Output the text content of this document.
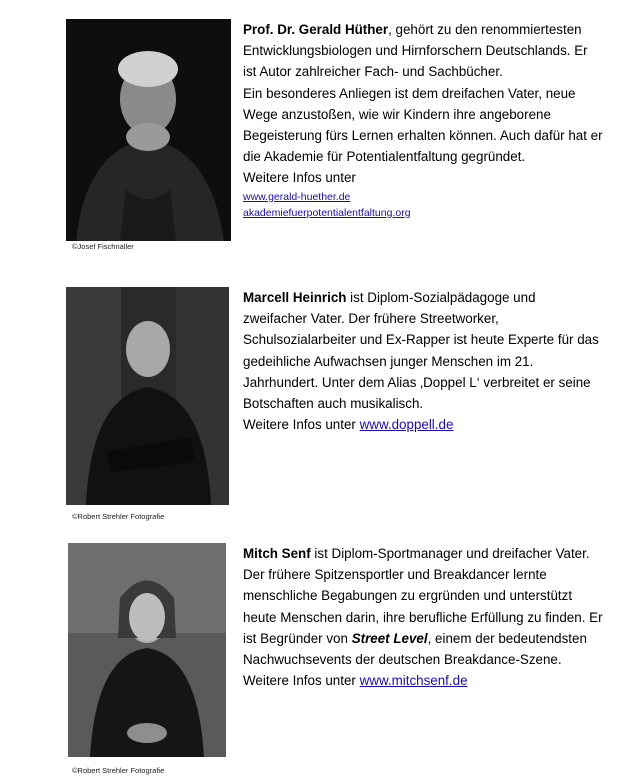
©Josef Fischnaller

Prof. Dr. Gerald Hüther, gehört zu den renommiertesten Entwicklungsbiologen und Hirnforschern Deutschlands. Er ist Autor zahlreicher Fach- und Sachbücher.

Ein besonderes Anliegen ist dem dreifachen Vater, neue Wege anzustoßen, wie wir Kindern ihre angeborene Begeisterung fürs Lernen erhalten können. Auch dafür hat er die Akademie für Potentialentfaltung gegründet.

Weitere Infos unter

www.gerald-huether.de
akademiefuerpotentialentfaltung.org
©Robert Strehler Fotografie

Marcell Heinrich ist Diplom-Sozialpädagoge und zweifacher Vater. Der frühere Streetworker, Schulsozialarbeiter und Ex-Rapper ist heute Experte für das gedeihliche Aufwachsen junger Menschen im 21. Jahrhundert. Unter dem Alias ‚Doppel L‘ verbreitet er seine Botschaften auch musikalisch.

Weitere Infos unter www.doppell.de

©Robert Strehler Fotografie

Mitch Senf ist Diplom-Sportmanager und dreifacher Vater. Der frühere Spitzensportler und Breakdancer lernte menschliche Begabungen zu ergründen und unterstützt heute Menschen darin, ihre berufliche Erfüllung zu finden. Er ist Begründer von Street Level, einem der bedeutendsten Nachwuchsevents der deutschen Breakdance-Szene.

Weitere Infos unter www.mitchsenf.de
